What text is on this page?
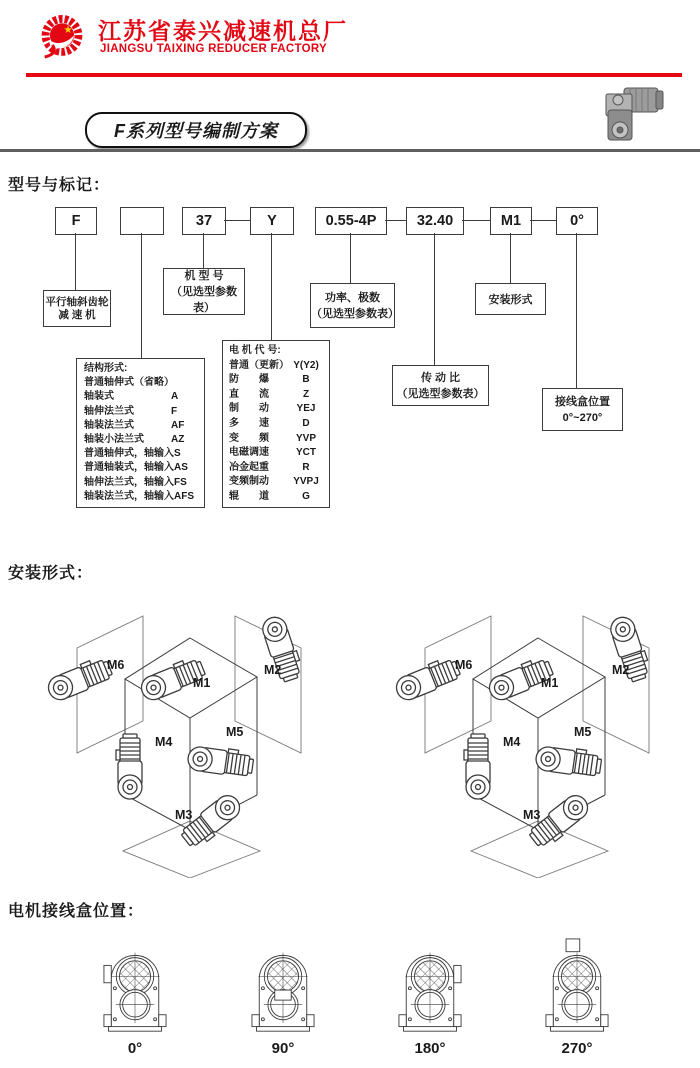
★ 江苏省泰兴减速机总厂
JIANGSU TAIXING REDUCER FACTORY
F系列型号编制方案
型号与标记：
F	37	Y	0.55-4P	32.40	M1	0°
平行轴斜齿轮
减 速 机
机 型 号
（见选型参数表）
功率、极数
（见选型参数表）
安装形式
传 动 比
（见选型参数表）
接线盒位置
0°~270°
结构形式:
普通轴伸式（省略）
轴装式	A
轴伸法兰式	F
轴装法兰式	AF
轴装小法兰式	AZ
普通轴伸式，轴输入 S
普通轴装式，轴输入 AS
轴伸法兰式，轴输入 FS
轴装法兰式，轴输入 AFS
电 机 代 号:
普通（更新） Y(Y2)
防　　爆	B
直　　流	Z
制　　动	YEJ
多　　速	D
变　　频	YVP
电磁调速	YCT
冶金起重	R
变频制动	YVPJ
辊　　道	G
安装形式：
M6
M1
M2
M4
M5
M3
M6
M1
M2
M4
M5
M3
电机接线盒位置：
0°	90°	180°	270°
